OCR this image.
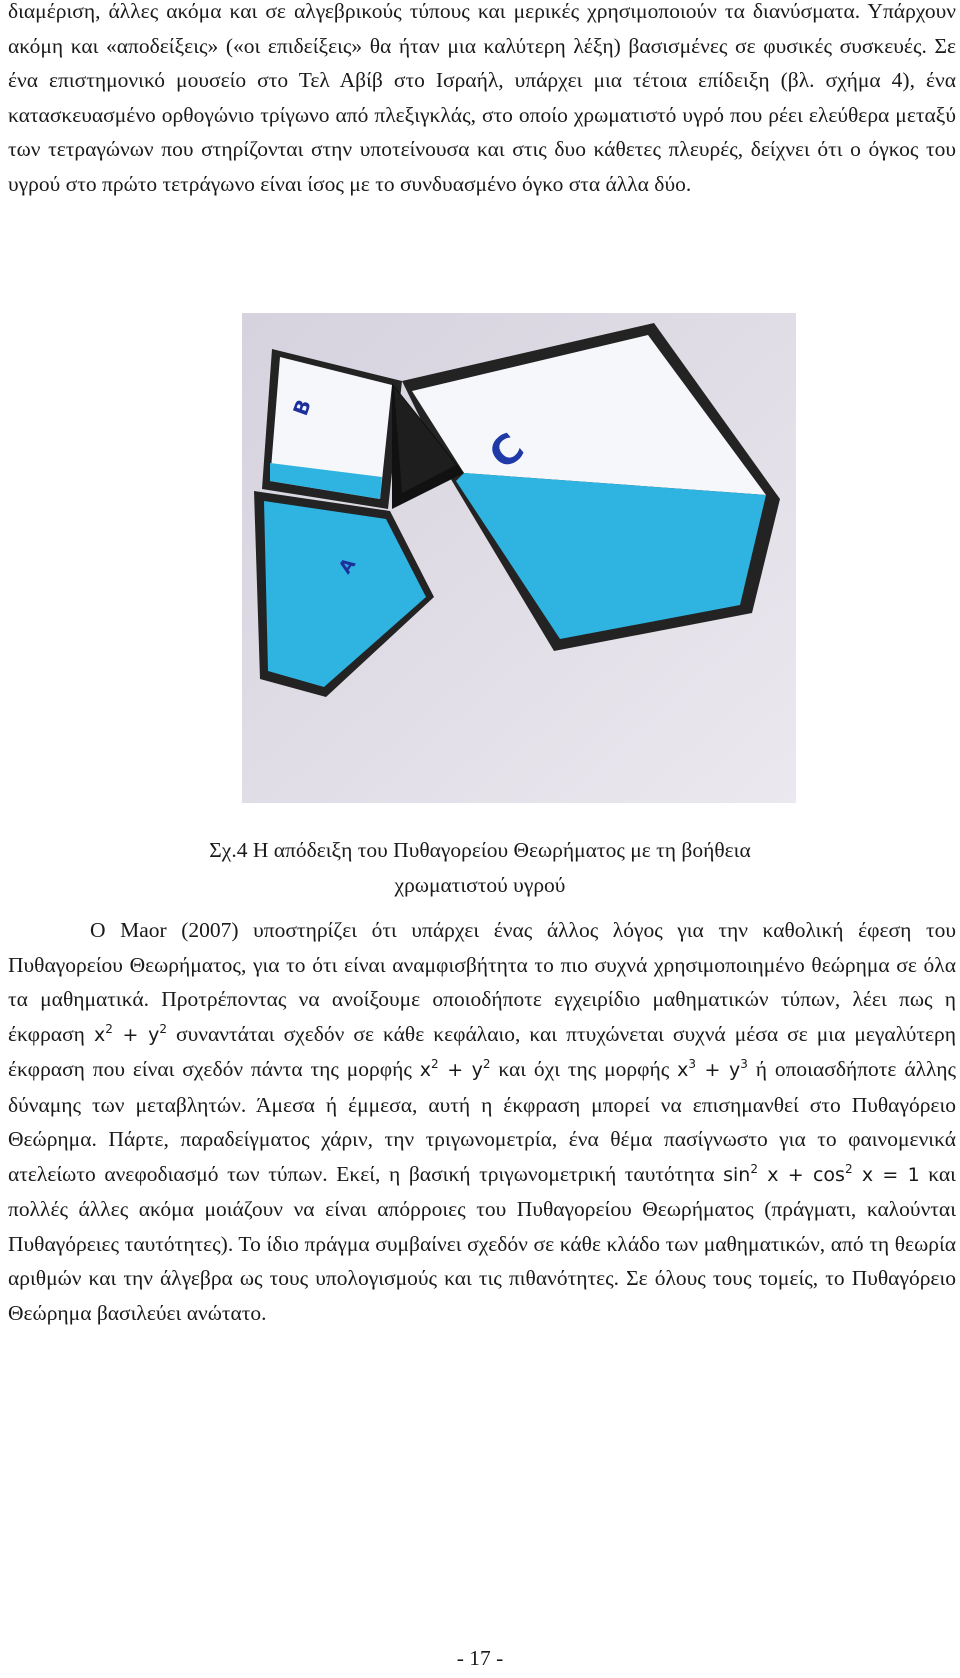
διαμέριση, άλλες ακόμα και σε αλγεβρικούς τύπους και μερικές χρησιμοποιούν τα διανύσματα. Υπάρχουν ακόμη και «αποδείξεις» («οι επιδείξεις» θα ήταν μια καλύτερη λέξη) βασισμένες σε φυσικές συσκευές. Σε ένα επιστημονικό μουσείο στο Τελ Αβίβ στο Ισραήλ, υπάρχει μια τέτοια επίδειξη (βλ. σχήμα 4), ένα κατασκευασμένο ορθογώνιο τρίγωνο από πλεξιγκλάς, στο οποίο χρωματιστό υγρό που ρέει ελεύθερα μεταξύ των τετραγώνων που στηρίζονται στην υποτείνουσα και στις δυο κάθετες πλευρές, δείχνει ότι ο όγκος του υγρού στο πρώτο τετράγωνο είναι ίσος με το συνδυασμένο όγκο στα άλλα δύο.

B
C
A
Σχ.4 Η απόδειξη του Πυθαγορείου Θεωρήματος με τη βοήθεια
χρωματιστού υγρού

Ο Maor (2007) υποστηρίζει ότι υπάρχει ένας άλλος λόγος για την καθολική έφεση του Πυθαγορείου Θεωρήματος, για το ότι είναι αναμφισβήτητα το πιο συχνά χρησιμοποιημένο θεώρημα σε όλα τα μαθηματικά. Προτρέποντας να ανοίξουμε οποιοδήποτε εγχειρίδιο μαθηματικών τύπων, λέει πως η έκφραση $x^2 + y^2$ συναντάται σχεδόν σε κάθε κεφάλαιο, και πτυχώνεται συχνά μέσα σε μια μεγαλύτερη έκφραση που είναι σχεδόν πάντα της μορφής $x^2 + y^2$ και όχι της μορφής $x^3 + y^3$ ή οποιασδήποτε άλλης δύναμης των μεταβλητών. Άμεσα ή έμμεσα, αυτή η έκφραση μπορεί να επισημανθεί στο Πυθαγόρειο Θεώρημα. Πάρτε, παραδείγματος χάριν, την τριγωνομετρία, ένα θέμα πασίγνωστο για το φαινομενικά ατελείωτο ανεφοδιασμό των τύπων. Εκεί, η βασική τριγωνομετρική ταυτότητα $\sin^2 x + \cos^2 x = 1$ και πολλές άλλες ακόμα μοιάζουν να είναι απόρροιες του Πυθαγορείου Θεωρήματος (πράγματι, καλούνται Πυθαγόρειες ταυτότητες). Το ίδιο πράγμα συμβαίνει σχεδόν σε κάθε κλάδο των μαθηματικών, από τη θεωρία αριθμών και την άλγεβρα ως τους υπολογισμούς και τις πιθανότητες. Σε όλους τους τομείς, το Πυθαγόρειο Θεώρημα βασιλεύει ανώτατο.

- 17 -
